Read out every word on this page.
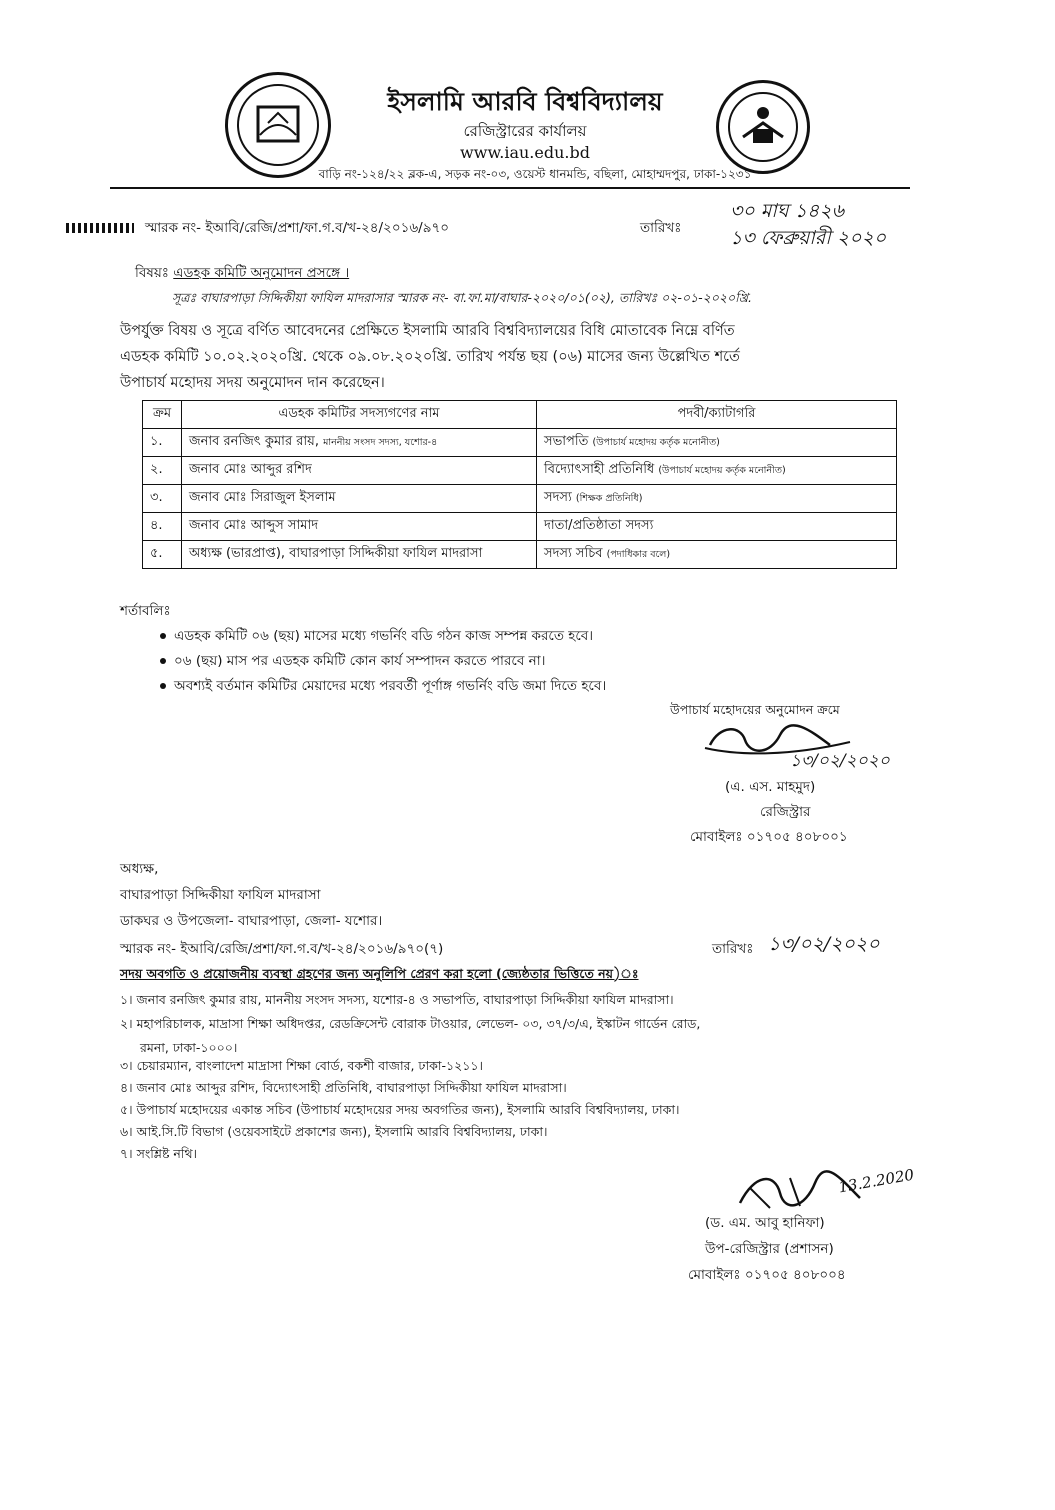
ইসলামি আরবি বিশ্ববিদ্যালয়
রেজিস্ট্রারের কার্যালয়
www.iau.edu.bd
বাড়ি নং-১২৪/২২ ব্লক-এ, সড়ক নং-০৩, ওয়েস্ট ধানমন্ডি, বছিলা, মোহাম্মদপুর, ঢাকা-১২৩১
স্মারক নং- ইআবি/রেজি/প্রশা/ফা.গ.ব/খ-২৪/২০১৬/৯৭০	তারিখঃ
৩০ মাঘ ১৪২৬
১৩ ফেব্রুয়ারী ২০২০
বিষয়ঃ এডহক কমিটি অনুমোদন প্রসঙ্গে ।
সূত্রঃ বাঘারপাড়া সিদ্দিকীয়া ফাযিল মাদরাসার স্মারক নং- বা.ফা.মা/বাঘার-২০২০/০১(০২), তারিখঃ ০২-০১-২০২০খ্রি.
উপর্যুক্ত বিষয় ও সূত্রে বর্ণিত আবেদনের প্রেক্ষিতে ইসলামি আরবি বিশ্ববিদ্যালয়ের বিধি মোতাবেক নিম্নে বর্ণিত
এডহক কমিটি ১০.০২.২০২০খ্রি. থেকে ০৯.০৮.২০২০খ্রি. তারিখ পর্যন্ত ছয় (০৬) মাসের জন্য উল্লেখিত শর্তে
উপাচার্য মহোদয় সদয় অনুমোদন দান করেছেন।
ক্রম	এডহক কমিটির সদস্যগণের নাম	পদবী/ক্যাটাগরি
১.	জনাব রনজিৎ কুমার রায়, মাননীয় সংসদ সদস্য, যশোর-৪	সভাপতি (উপাচার্য মহোদয় কর্তৃক মনোনীত)
২.	জনাব মোঃ আব্দুর রশিদ	বিদ্যোৎসাহী প্রতিনিধি (উপাচার্য মহোদয় কর্তৃক মনোনীত)
৩.	জনাব মোঃ সিরাজুল ইসলাম	সদস্য (শিক্ষক প্রতিনিধি)
৪.	জনাব মোঃ আব্দুস সামাদ	দাতা/প্রতিষ্ঠাতা সদস্য
৫.	অধ্যক্ষ (ভারপ্রাপ্ত), বাঘারপাড়া সিদ্দিকীয়া ফাযিল মাদরাসা	সদস্য সচিব (পদাধিকার বলে)
শর্তাবলিঃ
এডহক কমিটি ০৬ (ছয়) মাসের মধ্যে গভর্নিং বডি গঠন কাজ সম্পন্ন করতে হবে।
০৬ (ছয়) মাস পর এডহক কমিটি কোন কার্য সম্পাদন করতে পারবে না।
অবশ্যই বর্তমান কমিটির মেয়াদের মধ্যে পরবর্তী পূর্ণাঙ্গ গভর্নিং বডি জমা দিতে হবে।
উপাচার্য মহোদয়ের অনুমোদন ক্রমে
১৩/০২/২০২০
(এ. এস. মাহমুদ)
রেজিস্ট্রার
মোবাইলঃ ০১৭০৫ ৪০৮০০১
অধ্যক্ষ,
বাঘারপাড়া সিদ্দিকীয়া ফাযিল মাদরাসা
ডাকঘর ও উপজেলা- বাঘারপাড়া, জেলা- যশোর।
স্মারক নং- ইআবি/রেজি/প্রশা/ফা.গ.ব/খ-২৪/২০১৬/৯৭০(৭)	তারিখঃ ১৩/০২/২০২০
সদয় অবগতি ও প্রয়োজনীয় ব্যবস্থা গ্রহণের জন্য অনুলিপি প্রেরণ করা হলো (জ্যেষ্ঠতার ভিত্তিতে নয়)ঃ
১। জনাব রনজিৎ কুমার রায়, মাননীয় সংসদ সদস্য, যশোর-৪ ও সভাপতি, বাঘারপাড়া সিদ্দিকীয়া ফাযিল মাদরাসা।
২। মহাপরিচালক, মাদ্রাসা শিক্ষা অধিদপ্তর, রেডক্রিসেন্ট বোরাক টাওয়ার, লেভেল- ০৩, ৩৭/৩/এ, ইস্কাটন গার্ডেন রোড,
রমনা, ঢাকা-১০০০।
৩। চেয়ারম্যান, বাংলাদেশ মাদ্রাসা শিক্ষা বোর্ড, বকশী বাজার, ঢাকা-১২১১।
৪। জনাব মোঃ আব্দুর রশিদ, বিদ্যোৎসাহী প্রতিনিধি, বাঘারপাড়া সিদ্দিকীয়া ফাযিল মাদরাসা।
৫। উপাচার্য মহোদয়ের একান্ত সচিব (উপাচার্য মহোদয়ের সদয় অবগতির জন্য), ইসলামি আরবি বিশ্ববিদ্যালয়, ঢাকা।
৬। আই.সি.টি বিভাগ (ওয়েবসাইটে প্রকাশের জন্য), ইসলামি আরবি বিশ্ববিদ্যালয়, ঢাকা।
৭। সংশ্লিষ্ট নথি।
13.2.2020
(ড. এম. আবু হানিফা)
উপ-রেজিস্ট্রার (প্রশাসন)
মোবাইলঃ ০১৭০৫ ৪০৮০০৪
